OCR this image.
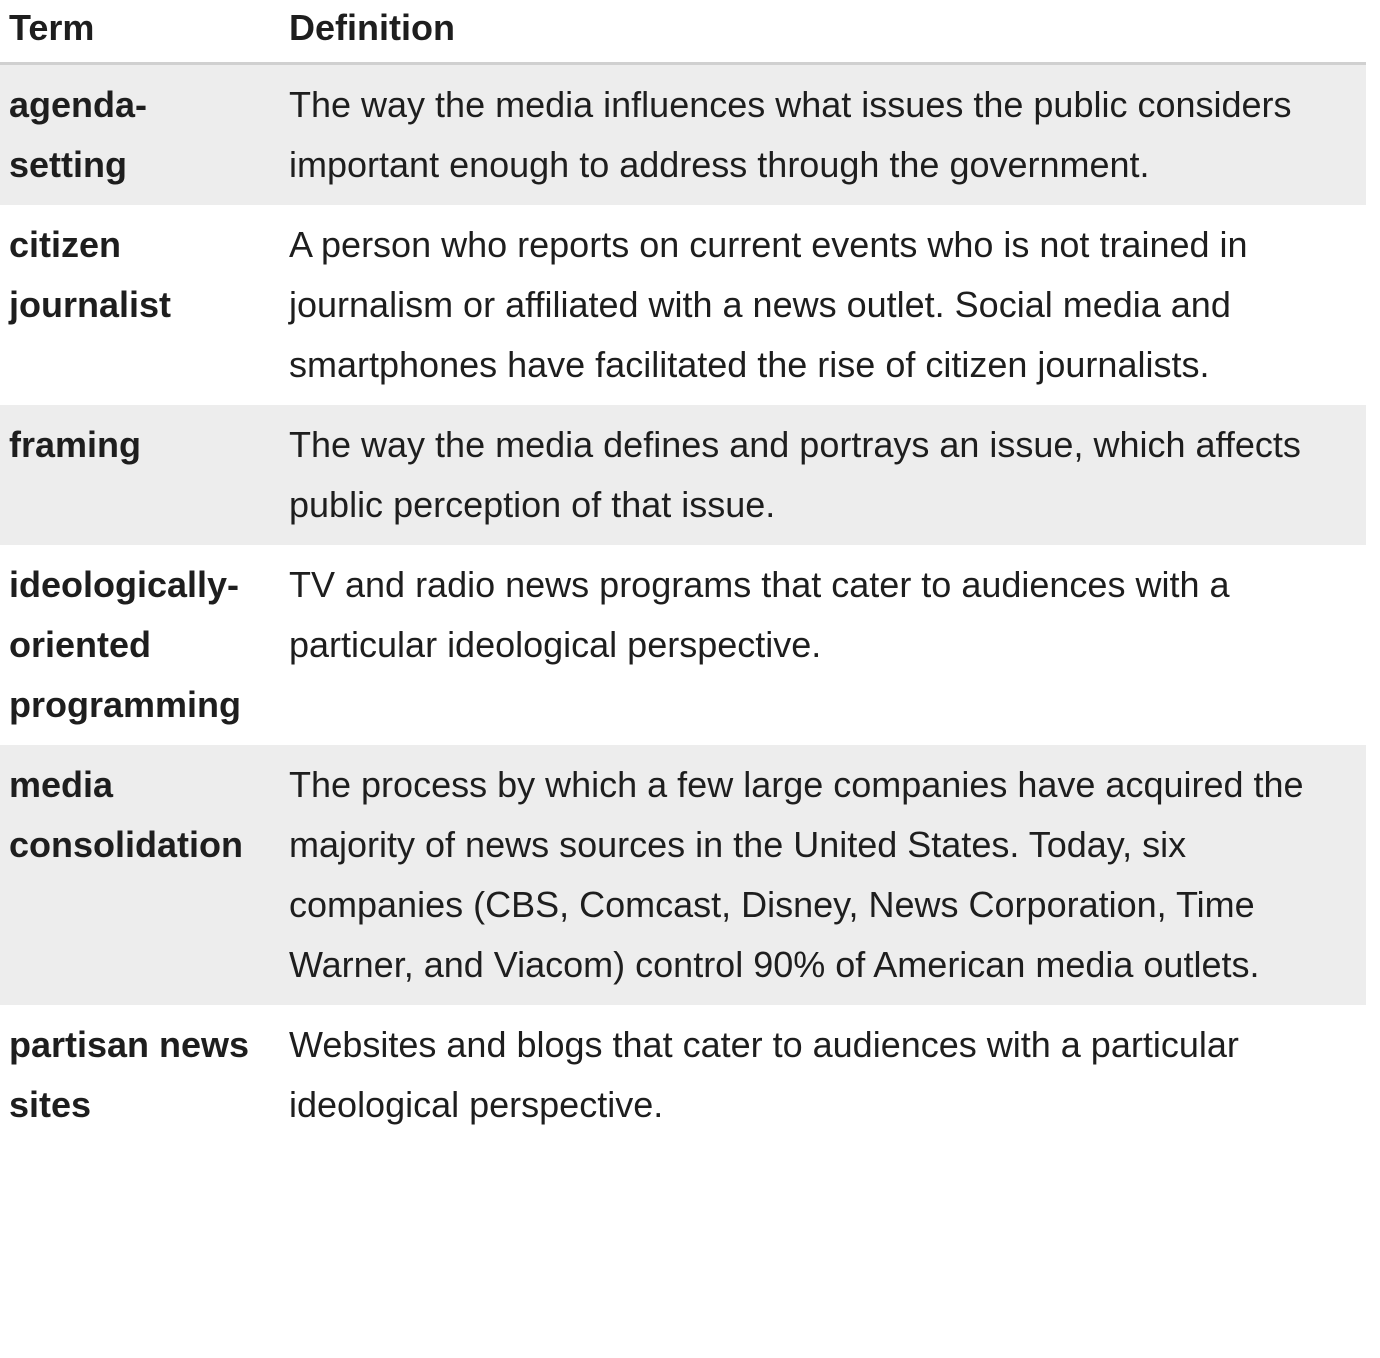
Term	Definition
agenda-setting	The way the media influences what issues the public considers important enough to address through the government.
citizen journalist	A person who reports on current events who is not trained in journalism or affiliated with a news outlet. Social media and smartphones have facilitated the rise of citizen journalists.
framing	The way the media defines and portrays an issue, which affects public perception of that issue.
ideologically-oriented programming	TV and radio news programs that cater to audiences with a particular ideological perspective.
media consolidation	The process by which a few large companies have acquired the majority of news sources in the United States. Today, six companies (CBS, Comcast, Disney, News Corporation, Time Warner, and Viacom) control 90% of American media outlets.
partisan news sites	Websites and blogs that cater to audiences with a particular ideological perspective.
